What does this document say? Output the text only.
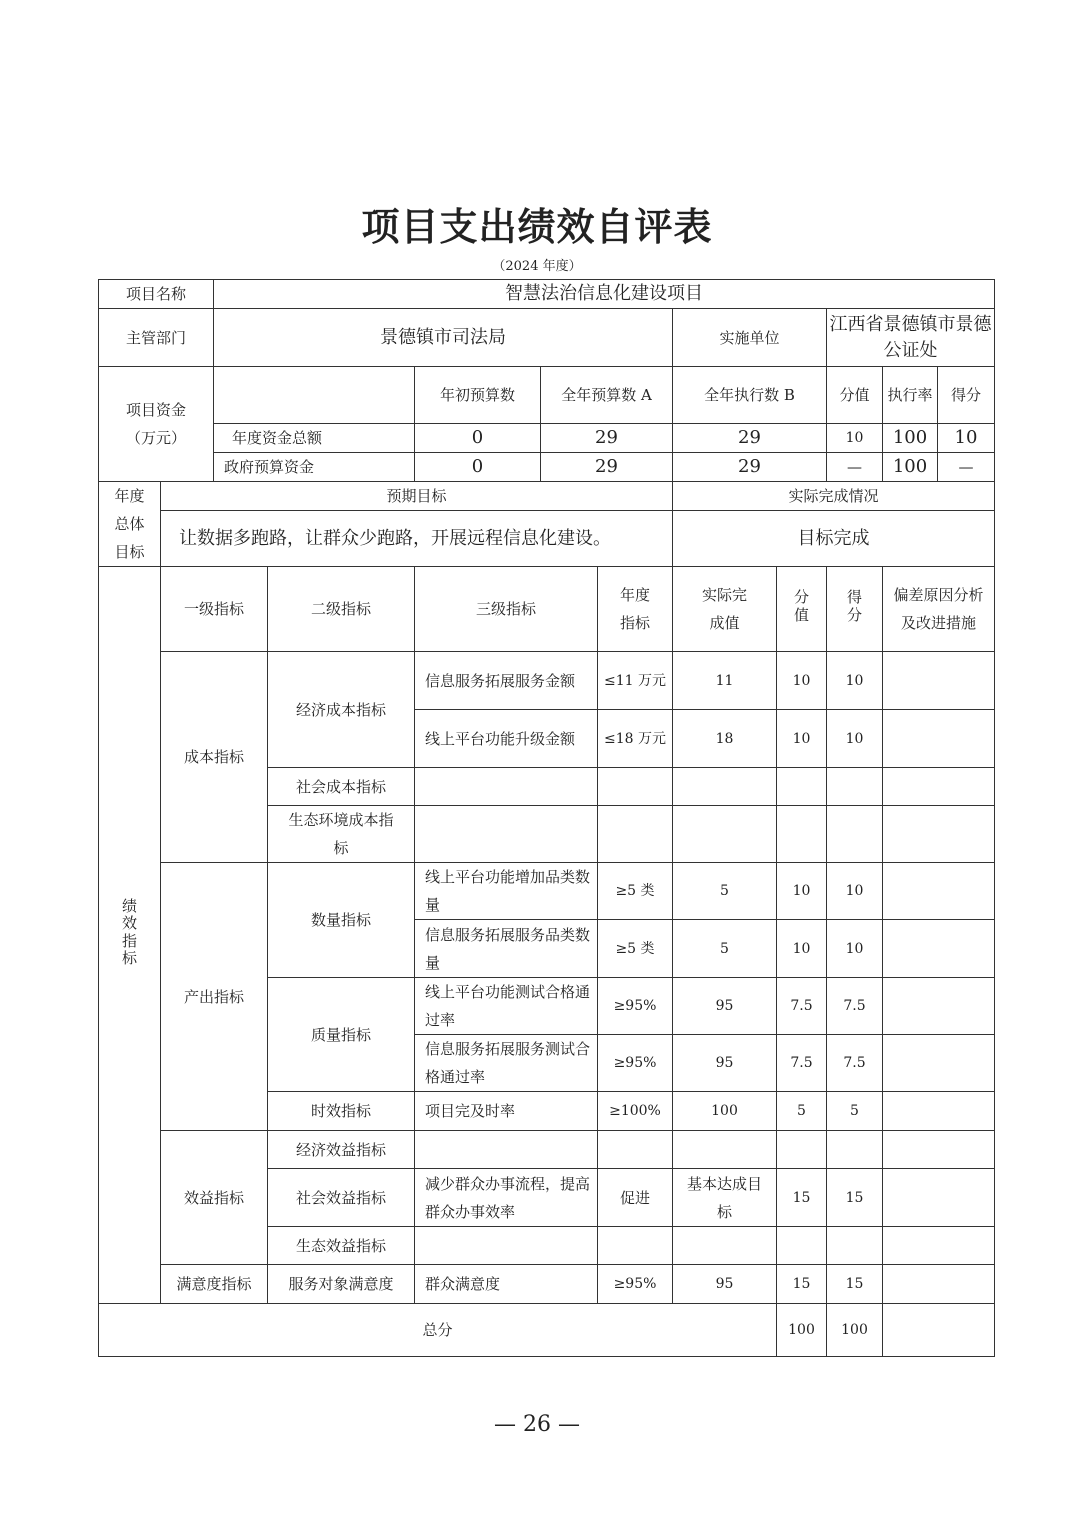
项目支出绩效自评表
（2024 年度）
项目名称	智慧法治信息化建设项目						
主管部门	景德镇市司法局			实施单位	江西省景德镇市景德公证处		
项目资金
（万元）		年初预算数	全年预算数 A	全年执行数 B	分值	执行率	得分
	年度资金总额	0	29	29	10	100	10
	政府预算资金	0	29	29	—	100	—
年度总体目标	预期目标	实际完成情况
	让数据多跑路，让群众少跑路，开展远程信息化建设。	目标完成
绩效指标	一级指标	二级指标	三级指标	年度指标	实际完成值	分值	得分	偏差原因分析及改进措施
	成本指标	经济成本指标	信息服务拓展服务金额	≤11 万元	11	10	10	
			线上平台功能升级金额	≤18 万元	18	10	10	
		社会成本指标						
		生态环境成本指标						
	产出指标	数量指标	线上平台功能增加品类数量	≥5 类	5	10	10	
			信息服务拓展服务品类数量	≥5 类	5	10	10	
		质量指标	线上平台功能测试合格通过率	≥95%	95	7.5	7.5	
			信息服务拓展服务测试合格通过率	≥95%	95	7.5	7.5	
		时效指标	项目完及时率	≥100%	100	5	5	
	效益指标	经济效益指标						
		社会效益指标	减少群众办事流程，提高群众办事效率	促进	基本达成目标	15	15	
		生态效益指标						
	满意度指标	服务对象满意度	群众满意度	≥95%	95	15	15	
总分						100	100	
— 26 —
